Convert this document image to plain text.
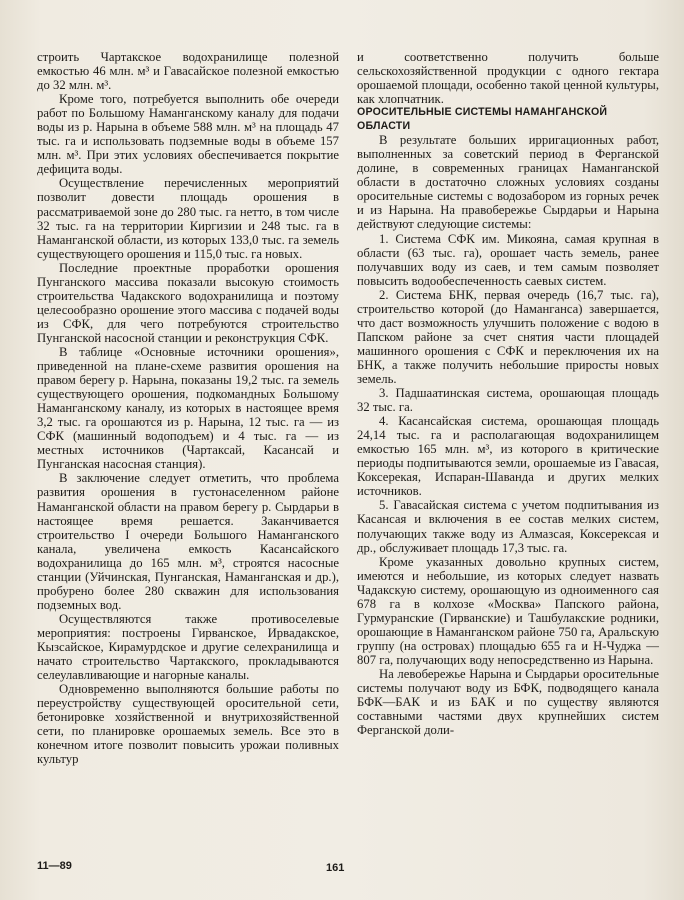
строить Чартакское водохранилище полезной емкостью 46 млн. м³ и Гавасайское полезной емкостью до 32 млн. м³.

Кроме того, потребуется выполнить обе очереди работ по Большому Наманганскому каналу для подачи воды из р. Нарына в объеме 588 млн. м³ на площадь 47 тыс. га и использовать подземные воды в объеме 157 млн. м³. При этих условиях обеспечивается покрытие дефицита воды.

Осуществление перечисленных мероприятий позволит довести площадь орошения в рассматриваемой зоне до 280 тыс. га нетто, в том числе 32 тыс. га на территории Киргизии и 248 тыс. га в Наманганской области, из которых 133,0 тыс. га земель существующего орошения и 115,0 тыс. га новых.

Последние проектные проработки орошения Пунганского массива показали высокую стоимость строительства Чадакского водохранилища и поэтому целесообразно орошение этого массива с подачей воды из СФК, для чего потребуются строительство Пунганской насосной станции и реконструкция СФК.

В таблице «Основные источники орошения», приведенной на плане-схеме развития орошения на правом берегу р. Нарына, показаны 19,2 тыс. га земель существующего орошения, подкомандных Большому Наманганскому каналу, из которых в настоящее время 3,2 тыс. га орошаются из р. Нарына, 12 тыс. га — из СФК (машинный водоподъем) и 4 тыс. га — из местных источников (Чартаксай, Касансай и Пунганская насосная станция).

В заключение следует отметить, что проблема развития орошения в густонаселенном районе Наманганской области на правом берегу р. Сырдарьи в настоящее время решается. Заканчивается строительство I очереди Большого Наманганского канала, увеличена емкость Касансайского водохранилища до 165 млн. м³, строятся насосные станции (Уйчинская, Пунганская, Наманганская и др.), пробурено более 280 скважин для использования подземных вод.

Осуществляются также противоселевые мероприятия: построены Гирванское, Ирвадакское, Кызсайское, Кирамурдское и другие селехранилища и начато строительство Чартакского, прокладываются селеулавливающие и нагорные каналы.

Одновременно выполняются большие работы по переустройству существующей оросительной сети, бетонировке хозяйственной и внутрихозяйственной сети, по планировке орошаемых земель. Все это в конечном итоге позволит повысить урожаи поливных культур

и соответственно получить больше сельскохозяйственной продукции с одного гектара орошаемой площади, особенно такой ценной культуры, как хлопчатник.

ОРОСИТЕЛЬНЫЕ СИСТЕМЫ НАМАНГАНСКОЙ ОБЛАСТИ

В результате больших ирригационных работ, выполненных за советский период в Ферганской долине, в современных границах Наманганской области в достаточно сложных условиях созданы оросительные системы с водозабором из горных речек и из Нарына. На правобережье Сырдарьи и Нарына действуют следующие системы:

1. Система СФК им. Микояна, самая крупная в области (63 тыс. га), орошает часть земель, ранее получавших воду из саев, и тем самым позволяет повысить водообеспеченность саевых систем.

2. Система БНК, первая очередь (16,7 тыс. га), строительство которой (до Наманганса) завершается, что даст возможность улучшить положение с водою в Папском районе за счет снятия части площадей машинного орошения с СФК и переключения их на БНК, а также получить небольшие приросты новых земель.

3. Падшаатинская система, орошающая площадь 32 тыс. га.

4. Касансайская система, орошающая площадь 24,14 тыс. га и располагающая водохранилищем емкостью 165 млн. м³, из которого в критические периоды подпитываются земли, орошаемые из Гавасая, Коксерекая, Испаран-Шаванда и других мелких источников.

5. Гавасайская система с учетом подпитывания из Касансая и включения в ее состав мелких систем, получающих также воду из Алмазсая, Коксерексая и др., обслуживает площадь 17,3 тыс. га.

Кроме указанных довольно крупных систем, имеются и небольшие, из которых следует назвать Чадакскую систему, орошающую из одноименного сая 678 га в колхозе «Москва» Папского района, Гурмуранские (Гирванские) и Ташбулакские родники, орошающие в Наманганском районе 750 га, Аральскую группу (на островах) площадью 655 га и Н-Чуджа — 807 га, получающих воду непосредственно из Нарына.

На левобережье Нарына и Сырдарьи оросительные системы получают воду из БФК, подводящего канала БФК—БАК и из БАК и по существу являются составными частями двух крупнейших систем Ферганской доли-

11—89	161
